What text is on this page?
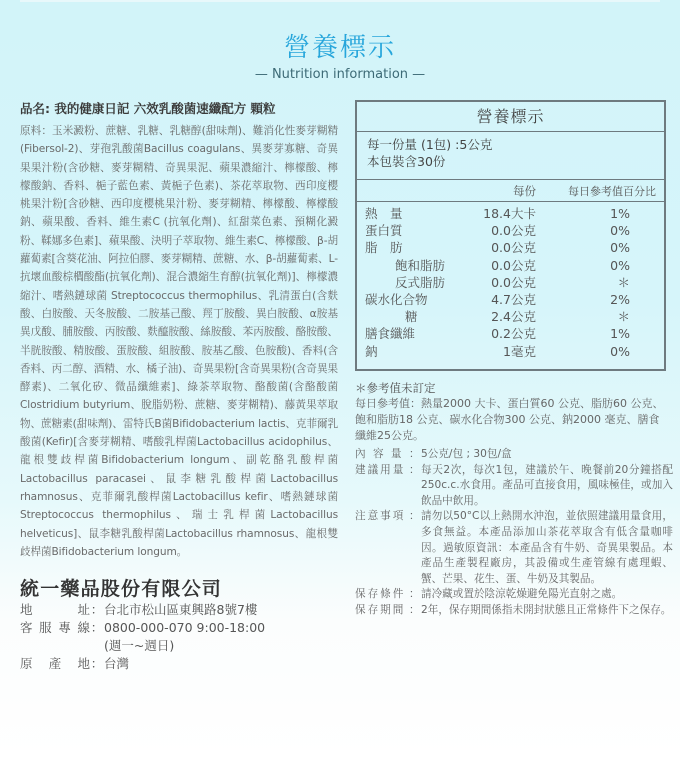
營養標示
— Nutrition information —
品名: 我的健康日記 六效乳酸菌速纖配方 顆粒
原料：玉米澱粉、蔗糖、乳糖、乳糖醇(甜味劑)、難消化性麥芽糊精(Fibersol-2)、芽孢乳酸菌Bacillus coagulans、異麥芽寡糖、奇異果果汁粉(含砂糖、麥芽糊精、奇異果泥、蘋果濃縮汁、檸檬酸、檸檬酸鈉、香料、梔子藍色素、黃梔子色素)、茶花萃取物、西印度櫻桃果汁粉[含砂糖、西印度櫻桃果汁粉、麥芽糊精、檸檬酸、檸檬酸鈉、蘋果酸、香料、維生素C (抗氧化劑)、紅甜菜色素、預糊化澱粉、鞣娜多色素]、蘋果酸、決明子萃取物、維生素C、檸檬酸、β-胡蘿蔔素[含葵花油、阿拉伯膠、麥芽糊精、蔗糖、水、β-胡蘿蔔素、L-抗壞血酸棕櫚酸酯(抗氧化劑)、混合濃縮生育醇(抗氧化劑)]、檸檬濃縮汁、嗜熱鏈球菌 Streptococcus thermophilus、乳清蛋白(含麩酸、白胺酸、天冬胺酸、二胺基己酸、羥丁胺酸、異白胺酸、α胺基異戊酸、脯胺酸、丙胺酸、麩醯胺酸、絲胺酸、苯丙胺酸、酪胺酸、半胱胺酸、精胺酸、蛋胺酸、組胺酸、胺基乙酸、色胺酸)、香料(含香料、丙二醇、酒精、水、橘子油)、奇異果粉[含奇異果粉(含奇異果酵素)、二氧化矽、微晶纖維素]、綠茶萃取物、酪酸菌(含酪酸菌 Clostridium butyrium、脫脂奶粉、蔗糖、麥芽糊精)、藤黃果萃取物、蔗糖素(甜味劑)、雷特氏B菌Bifidobacterium lactis、克菲爾乳酸菌(Kefir)[含麥芽糊精、嗜酸乳桿菌Lactobacillus acidophilus、龍根雙歧桿菌Bifidobacterium longum、副乾酪乳酸桿菌 Lactobacillus paracasei、鼠李糖乳酸桿菌Lactobacillus rhamnosus、克菲爾乳酸桿菌Lactobacillus kefir、嗜熱鏈球菌 Streptococcus thermophilus、瑞士乳桿菌Lactobacillus helveticus]、鼠李糖乳酸桿菌Lactobacillus rhamnosus、龍根雙歧桿菌Bifidobacterium longum。
統一藥品股份有限公司
地址 ： 台北市松山區東興路8號7樓
客服專線 ： 0800-000-070 9:00-18:00
(週一~週日)
原產地 ： 台灣
營養標示
每一份量 (1包) :5公克
本包裝含30份
每份	每日參考值百分比
熱　量	18.4大卡	1%
蛋白質	0.0公克	0%
脂　肪	0.0公克	0%
飽和脂肪	0.0公克	0%
反式脂肪	0.0公克	＊
碳水化合物	4.7公克	2%
糖	2.4公克	＊
膳食纖維	0.2公克	1%
鈉	1毫克	0%
＊參考值未訂定
每日參考值：熱量2000 大卡、蛋白質60 公克、脂肪60 公克、飽和脂肪18 公克、碳水化合物300 公克、鈉2000 毫克、膳食纖維25公克。
內 容 量 ： 5公克/包 ; 30包/盒
建議用量 ： 每天2次，每次1包，建議於午、晚餐前20分鐘搭配250c.c.水食用。產品可直接食用，風味極佳，或加入飲品中飲用。
注意事項 ： 請勿以50°C以上熱開水沖泡，並依照建議用量食用，多食無益。本產品添加山茶花萃取含有低含量咖啡因。過敏原資訊：本產品含有牛奶、奇異果製品。本產品生產製程廠房，其設備或生產管線有處理蝦、蟹、芒果、花生、蛋、牛奶及其製品。
保存條件 ： 請冷藏或置於陰涼乾燥避免陽光直射之處。
保存期間 ： 2年，保存期間係指未開封狀態且正常條件下之保存。
